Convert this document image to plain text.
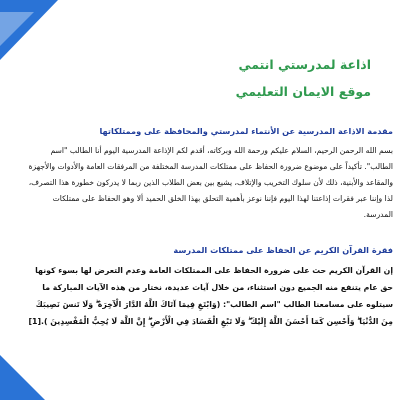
اذاعة لمدرستي انتمي
موقع الايمان التعليمي
مقدمة الاذاعة المدرسية عن الأنتماء لمدرستي والمحافظة على وممتلكاتها

بسم الله الرحمن الرحيم، السلام عليكم ورحمة الله وبركاته، أقدم لكم الإذاعة المدرسية اليوم أنا الطالب "اسم الطالب". تأكيداً على موضوع ضرورة الحفاظ على ممتلكات المدرسة المختلفة من المرفقات العامة والأدوات والأجهزة والمقاعد والأبنية، ذلك لأن سلوك التخريب والإتلاف، يشيع بين بعض الطلاب الذين ربما لا يدركون خطورة هذا التصرف، لذا وإننا عبر فقرات إذاعتنا لهذا اليوم فإننا نوعز بأهمية التحلق بهذا الخلق الحميد ألا وهو الحفاظ على ممتلكات المدرسة.

فقرة القرآن الكريم عن الحفاظ على ممتلكات المدرسة

إن القرآن الكريم حث على ضرورة الحفاظ على الممتلكات العامة وعدم التعرض لها بسوء كونها حق عام يتنفع منه الجميع دون استثناء، من خلال آيات عديدة، نختار من هذه الآيات المباركة ما سيتلوه على مسامعنا الطالب "اسم الطالب": (وَابْتَغِ فِيمَا آتَاكَ اللَّهُ الدَّارَ الْآخِرَةَ ۖ وَلَا تَنسَ نَصِيبَكَ مِنَ الدُّنْيَا ۖ وَأَحْسِن كَمَا أَحْسَنَ اللَّهُ إِلَيْكَ ۖ وَلَا تَبْغِ الْفَسَادَ فِي الْأَرْضِ ۖ إِنَّ اللَّهَ لَا يُحِبُّ الْمُفْسِدِينَ ).[1]
